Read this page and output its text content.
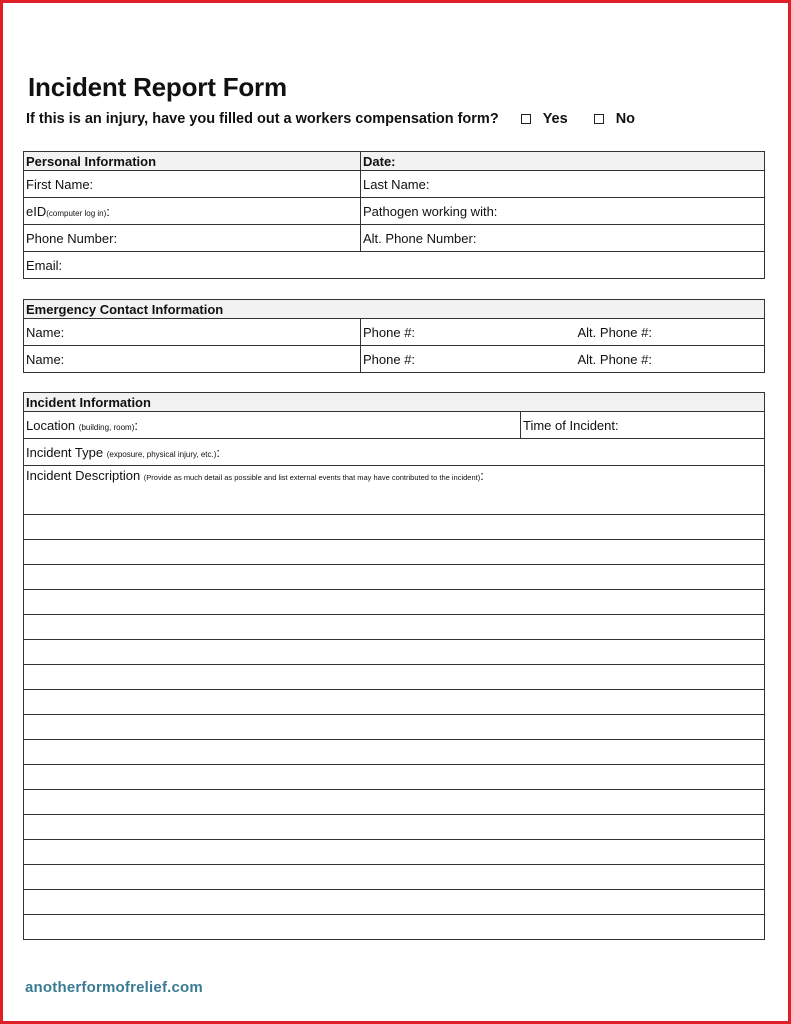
Incident Report Form
If this is an injury, have you filled out a workers compensation form?	Yes	No
Personal Information	Date:
First Name:	Last Name:
eID(computer log in):	Pathogen working with:
Phone Number:	Alt. Phone Number:
Email:	
Emergency Contact Information		
Name:	Phone #:	Alt. Phone #:
Name:	Phone #:	Alt. Phone #:
Incident Information
Location (building, room):	Time of Incident:
Incident Type (exposure, physical injury, etc.):
Incident Description (Provide as much detail as possible and list external events that may have contributed to the incident):

anotherformofrelief.com
